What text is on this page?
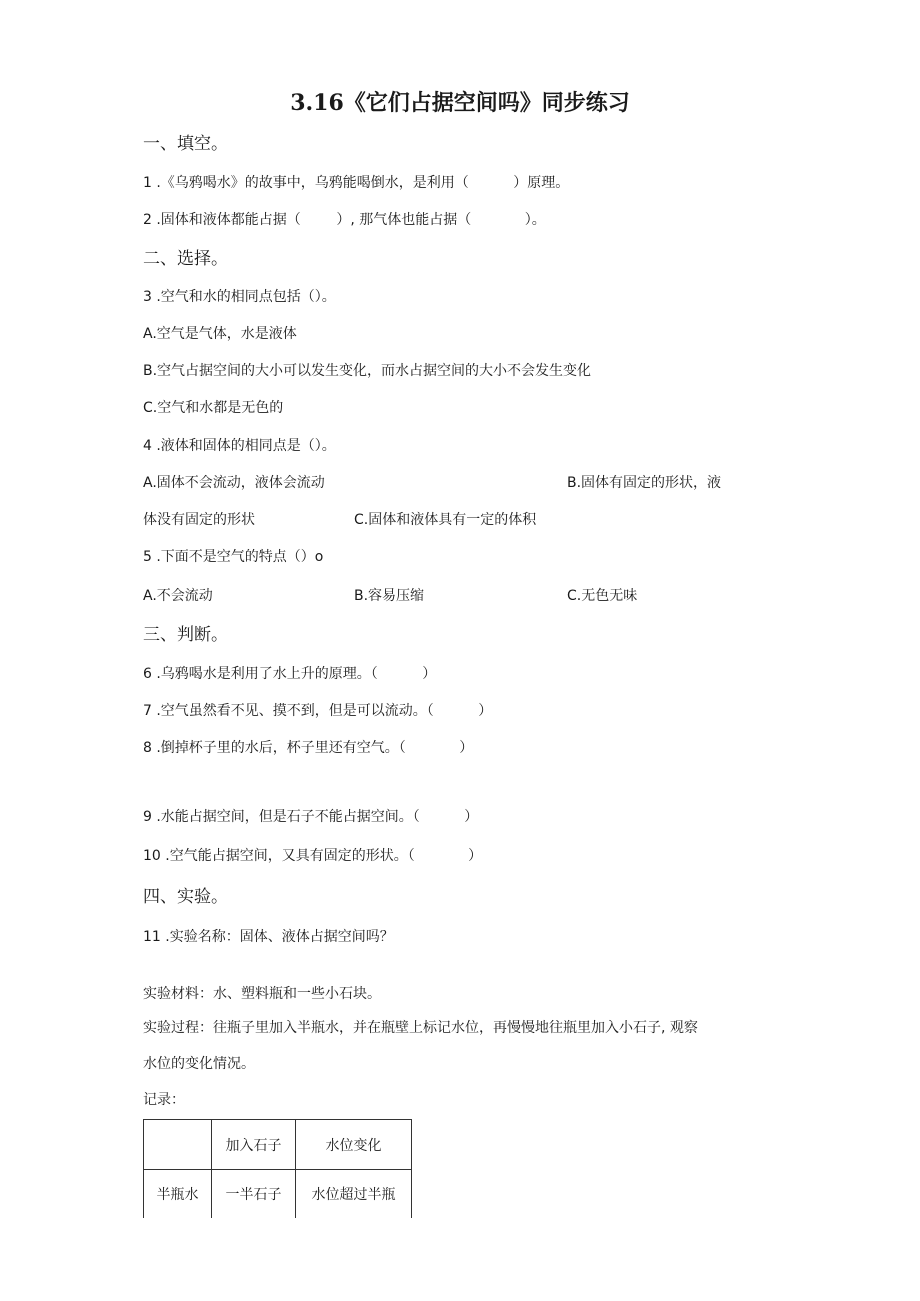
3.16《它们占据空间吗》同步练习
一、填空。
1 .《乌鸦喝水》的故事中，乌鸦能喝倒水，是利用（          ）原理。
2 .固体和液体都能占据（        ）, 那气体也能占据（            ）。
二、选择。
3 .空气和水的相同点包括（）。
A.空气是气体，水是液体
B.空气占据空间的大小可以发生变化，而水占据空间的大小不会发生变化
C.空气和水都是无色的
4 .液体和固体的相同点是（）。
A.固体不会流动，液体会流动	B.固体有固定的形状，液
体没有固定的形状	C.固体和液体具有一定的体积
5 .下面不是空气的特点（）o
A.不会流动	B.容易压缩	C.无色无味
三、判断。
6 .乌鸦喝水是利用了水上升的原理。（          ）
7 .空气虽然看不见、摸不到，但是可以流动。（          ）
8 .倒掉杯子里的水后，杯子里还有空气。（            ）
9 .水能占据空间，但是石子不能占据空间。（          ）
10 .空气能占据空间，又具有固定的形状。（            ）
四、实验。
11 .实验名称：固体、液体占据空间吗？
实验材料：水、塑料瓶和一些小石块。
实验过程：往瓶子里加入半瓶水，并在瓶壁上标记水位，再慢慢地往瓶里加入小石子, 观察
水位的变化情况。
记录：
	加入石子	水位变化
半瓶水	一半石子	水位超过半瓶
